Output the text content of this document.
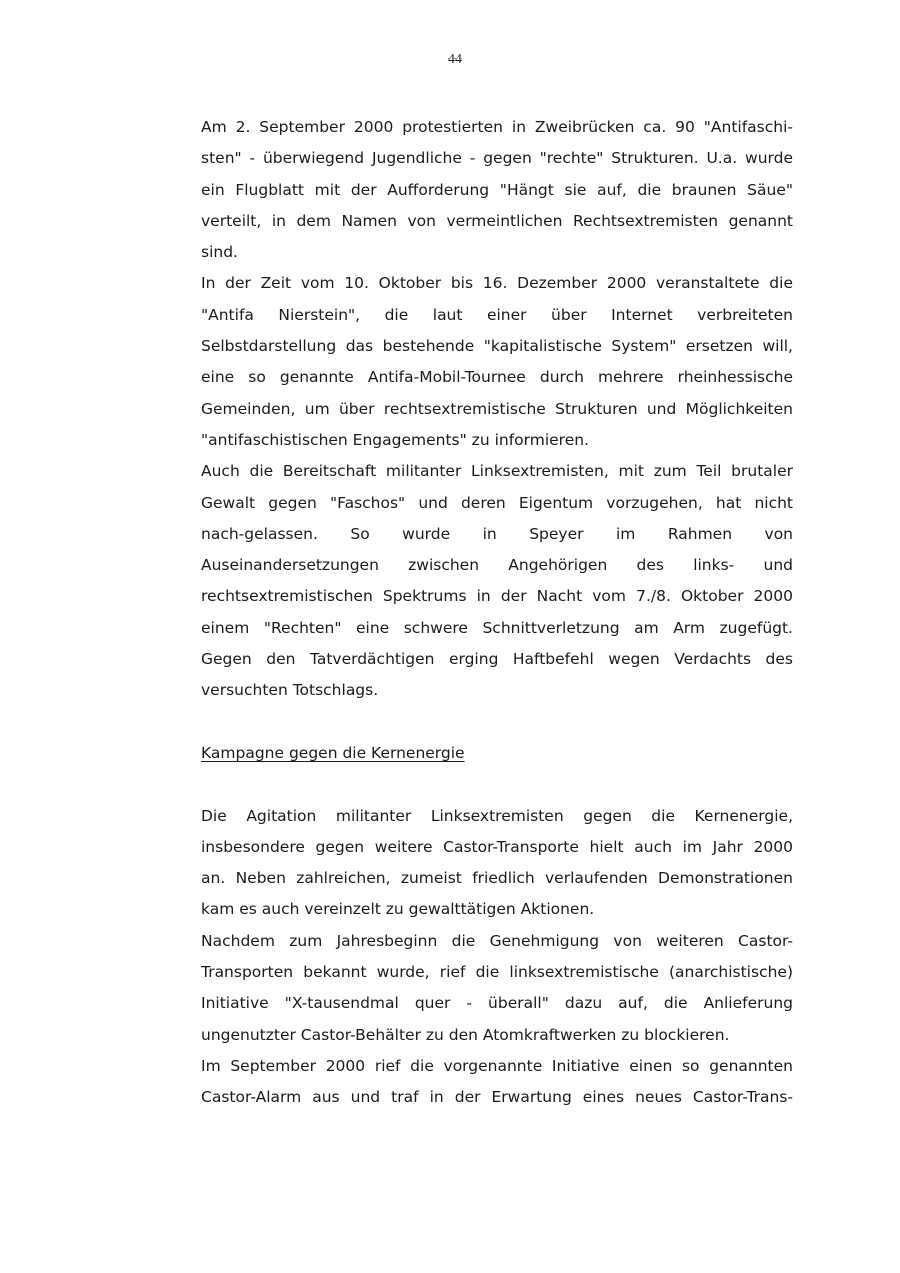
44
Am 2. September 2000 protestierten in Zweibrücken ca. 90 "Antifaschi-
sten" - überwiegend Jugendliche - gegen "rechte" Strukturen. U.a. wurde
ein Flugblatt mit der Aufforderung "Hängt sie auf, die braunen Säue"
verteilt, in dem Namen von vermeintlichen Rechtsextremisten genannt
sind.
In der Zeit vom 10. Oktober bis 16. Dezember 2000 veranstaltete die
"Antifa Nierstein", die laut einer über Internet verbreiteten
Selbstdarstellung das bestehende "kapitalistische System" ersetzen will,
eine so genannte Antifa-Mobil-Tournee durch mehrere rheinhessische
Gemeinden, um über rechtsextremistische Strukturen und Möglichkeiten
"antifaschistischen Engagements" zu informieren.
Auch die Bereitschaft militanter Linksextremisten, mit zum Teil brutaler
Gewalt gegen "Faschos" und deren Eigentum vorzugehen, hat nicht
nach-gelassen. So wurde in Speyer im Rahmen von
Auseinandersetzungen zwischen Angehörigen des links- und
rechtsextremistischen Spektrums in der Nacht vom 7./8. Oktober 2000
einem "Rechten" eine schwere Schnittverletzung am Arm zugefügt.
Gegen den Tatverdächtigen erging Haftbefehl wegen Verdachts des
versuchten Totschlags.
Kampagne gegen die Kernenergie
Die Agitation militanter Linksextremisten gegen die Kernenergie,
insbesondere gegen weitere Castor-Transporte hielt auch im Jahr 2000
an. Neben zahlreichen, zumeist friedlich verlaufenden Demonstrationen
kam es auch vereinzelt zu gewalttätigen Aktionen.
Nachdem zum Jahresbeginn die Genehmigung von weiteren Castor-
Transporten bekannt wurde, rief die linksextremistische (anarchistische)
Initiative "X-tausendmal quer - überall" dazu auf, die Anlieferung
ungenutzter Castor-Behälter zu den Atomkraftwerken zu blockieren.
Im September 2000 rief die vorgenannte Initiative einen so genannten
Castor-Alarm aus und traf in der Erwartung eines neues Castor-Trans-
